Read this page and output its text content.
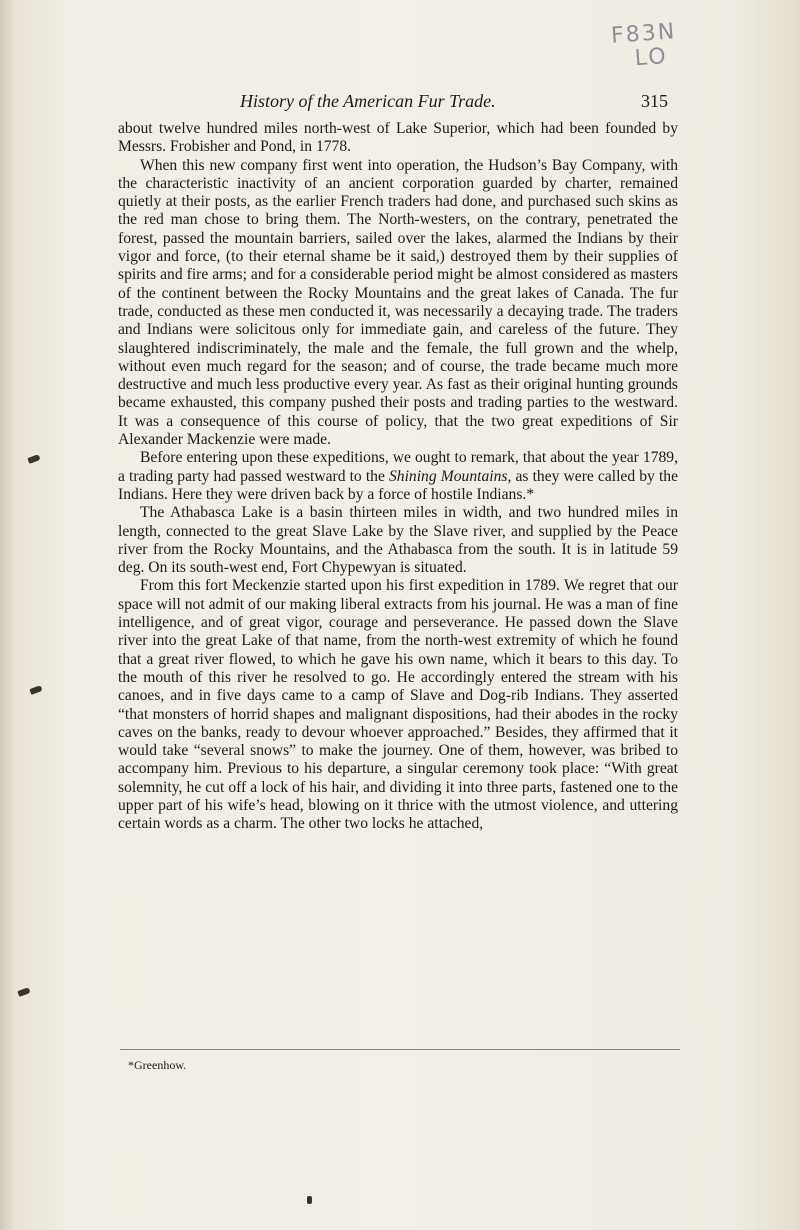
F83N
LO
History of the American Fur Trade.	315

about twelve hundred miles north-west of Lake Superior, which had been founded by Messrs. Frobisher and Pond, in 1778.

When this new company first went into operation, the Hudson’s Bay Company, with the characteristic inactivity of an ancient corporation guarded by charter, remained quietly at their posts, as the earlier French traders had done, and purchased such skins as the red man chose to bring them. The North-westers, on the contrary, penetrated the forest, passed the mountain barriers, sailed over the lakes, alarmed the Indians by their vigor and force, (to their eternal shame be it said,) destroyed them by their supplies of spirits and fire arms; and for a considerable period might be almost considered as masters of the continent between the Rocky Mountains and the great lakes of Canada. The fur trade, conducted as these men conducted it, was necessarily a decaying trade. The traders and Indians were solicitous only for immediate gain, and careless of the future. They slaughtered indiscriminately, the male and the female, the full grown and the whelp, without even much regard for the season; and of course, the trade became much more destructive and much less productive every year. As fast as their original hunting grounds became exhausted, this company pushed their posts and trading parties to the westward. It was a consequence of this course of policy, that the two great expeditions of Sir Alexander Mackenzie were made.

Before entering upon these expeditions, we ought to remark, that about the year 1789, a trading party had passed westward to the Shining Mountains, as they were called by the Indians. Here they were driven back by a force of hostile Indians.*

The Athabasca Lake is a basin thirteen miles in width, and two hundred miles in length, connected to the great Slave Lake by the Slave river, and supplied by the Peace river from the Rocky Mountains, and the Athabasca from the south. It is in latitude 59 deg. On its south-west end, Fort Chypewyan is situated.

From this fort Meckenzie started upon his first expedition in 1789. We regret that our space will not admit of our making liberal extracts from his journal. He was a man of fine intelligence, and of great vigor, courage and perseverance. He passed down the Slave river into the great Lake of that name, from the north-west extremity of which he found that a great river flowed, to which he gave his own name, which it bears to this day. To the mouth of this river he resolved to go. He accordingly entered the stream with his canoes, and in five days came to a camp of Slave and Dog-rib Indians. They asserted “that monsters of horrid shapes and malignant dispositions, had their abodes in the rocky caves on the banks, ready to devour whoever approached.” Besides, they affirmed that it would take “several snows” to make the journey. One of them, however, was bribed to accompany him. Previous to his departure, a singular ceremony took place: “With great solemnity, he cut off a lock of his hair, and dividing it into three parts, fastened one to the upper part of his wife’s head, blowing on it thrice with the utmost violence, and uttering certain words as a charm. The other two locks he attached,

*Greenhow.
